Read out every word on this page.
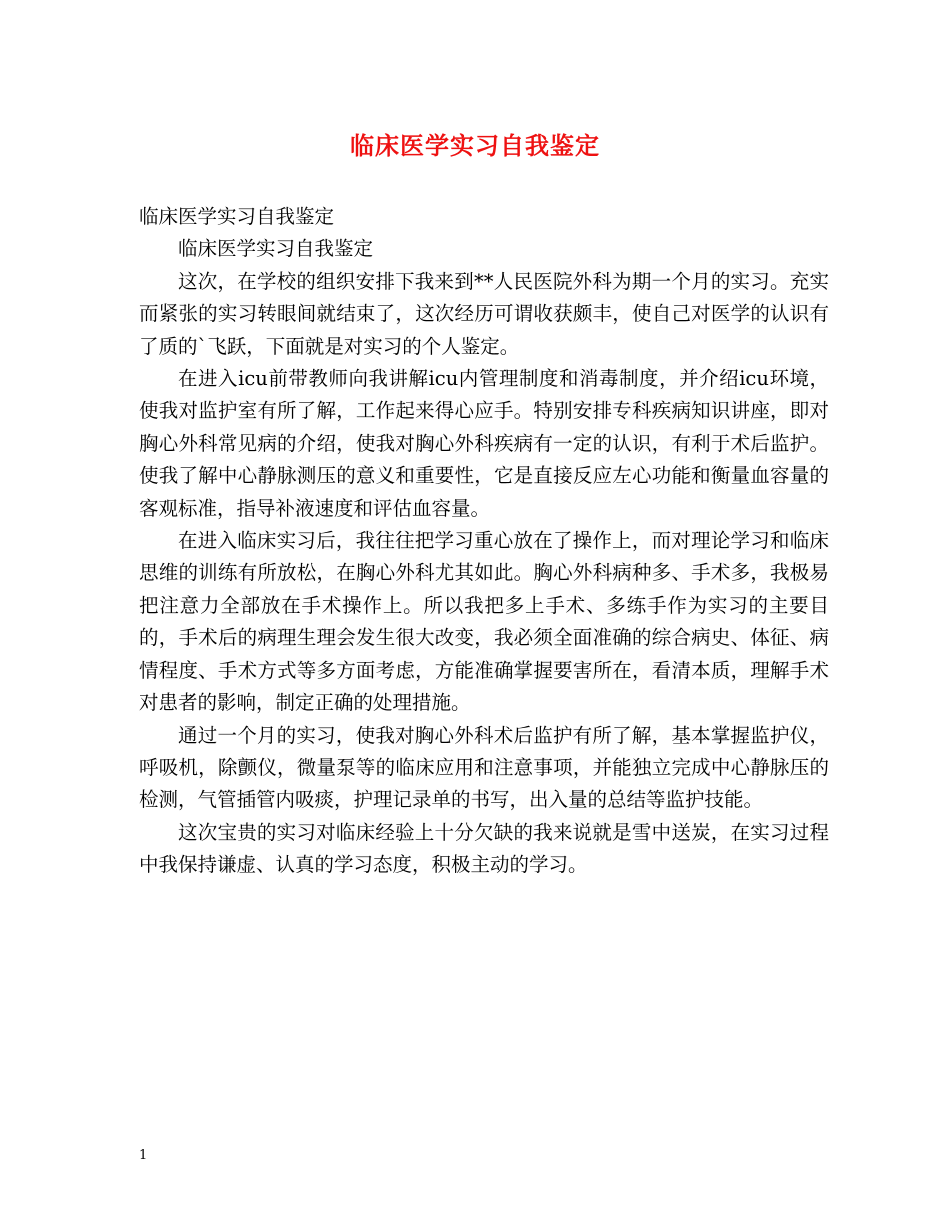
临床医学实习自我鉴定

临床医学实习自我鉴定

临床医学实习自我鉴定

这次，在学校的组织安排下我来到**人民医院外科为期一个月的实习。充实而紧张的实习转眼间就结束了，这次经历可谓收获颇丰，使自己对医学的认识有了质的`飞跃，下面就是对实习的个人鉴定。

在进入icu前带教师向我讲解icu内管理制度和消毒制度，并介绍icu环境，使我对监护室有所了解，工作起来得心应手。特别安排专科疾病知识讲座，即对胸心外科常见病的介绍，使我对胸心外科疾病有一定的认识，有利于术后监护。使我了解中心静脉测压的意义和重要性，它是直接反应左心功能和衡量血容量的客观标准，指导补液速度和评估血容量。

在进入临床实习后，我往往把学习重心放在了操作上，而对理论学习和临床思维的训练有所放松，在胸心外科尤其如此。胸心外科病种多、手术多，我极易把注意力全部放在手术操作上。所以我把多上手术、多练手作为实习的主要目的，手术后的病理生理会发生很大改变，我必须全面准确的综合病史、体征、病情程度、手术方式等多方面考虑，方能准确掌握要害所在，看清本质，理解手术对患者的影响，制定正确的处理措施。

通过一个月的实习，使我对胸心外科术后监护有所了解，基本掌握监护仪，呼吸机，除颤仪，微量泵等的临床应用和注意事项，并能独立完成中心静脉压的检测，气管插管内吸痰，护理记录单的书写，出入量的总结等监护技能。

这次宝贵的实习对临床经验上十分欠缺的我来说就是雪中送炭，在实习过程中我保持谦虚、认真的学习态度，积极主动的学习。

1
